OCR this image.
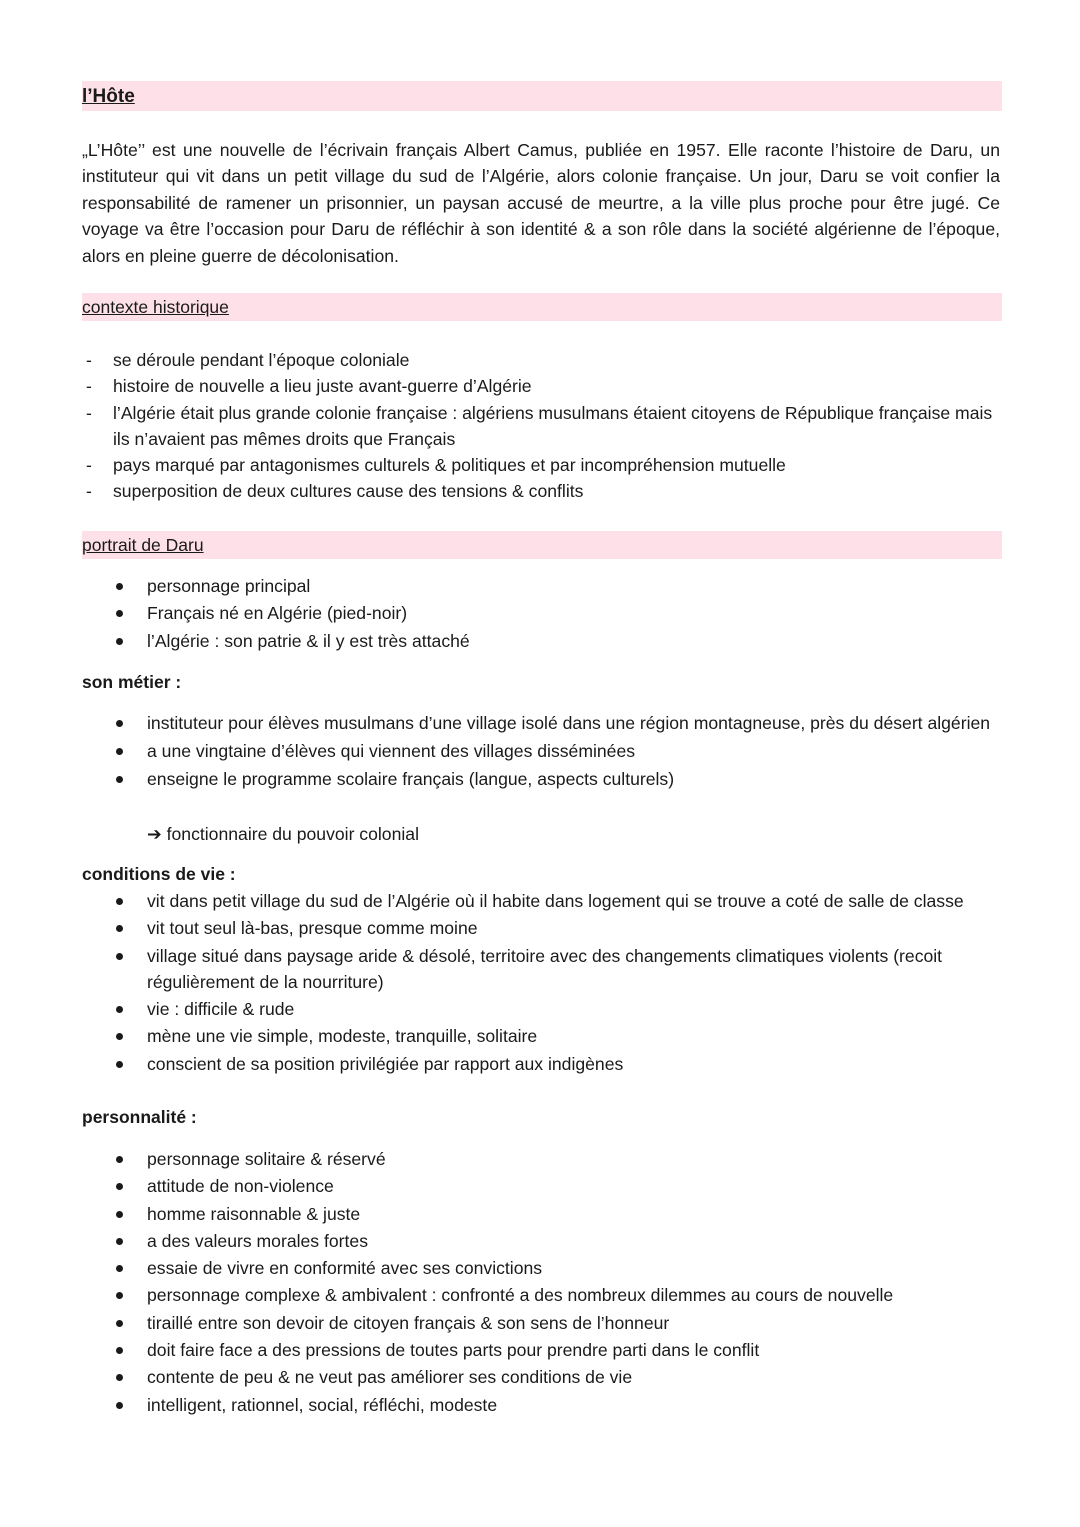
l’Hôte

„L’Hôte’’ est une nouvelle de l’écrivain français Albert Camus, publiée en 1957. Elle raconte l’histoire de Daru, un instituteur qui vit dans un petit village du sud de l’Algérie, alors colonie française. Un jour, Daru se voit confier la responsabilité de ramener un prisonnier, un paysan accusé de meurtre, a la ville plus proche pour être jugé. Ce voyage va être l’occasion pour Daru de réfléchir à son identité & a son rôle dans la société algérienne de l’époque, alors en pleine guerre de décolonisation.

contexte historique
- se déroule pendant l’époque coloniale
- histoire de nouvelle a lieu juste avant-guerre d’Algérie
- l’Algérie était plus grande colonie française : algériens musulmans étaient citoyens de République française mais ils n’avaient pas mêmes droits que Français
- pays marqué par antagonismes culturels & politiques et par incompréhension mutuelle
- superposition de deux cultures cause des tensions & conflits
portrait de Daru
personnage principal
Français né en Algérie (pied-noir)
l’Algérie : son patrie & il y est très attaché
son métier :
instituteur pour élèves musulmans d’une village isolé dans une région montagneuse, près du désert algérien
a une vingtaine d’élèves qui viennent des villages disséminées
enseigne le programme scolaire français (langue, aspects culturels)
➔ fonctionnaire du pouvoir colonial
conditions de vie :
vit dans petit village du sud de l’Algérie où il habite dans logement qui se trouve a coté de salle de classe
vit tout seul là-bas, presque comme moine
village situé dans paysage aride & désolé, territoire avec des changements climatiques violents (recoit régulièrement de la nourriture)
vie : difficile & rude
mène une vie simple, modeste, tranquille, solitaire
conscient de sa position privilégiée par rapport aux indigènes
personnalité :
personnage solitaire & réservé
attitude de non-violence
homme raisonnable & juste
a des valeurs morales fortes
essaie de vivre en conformité avec ses convictions
personnage complexe & ambivalent : confronté a des nombreux dilemmes au cours de nouvelle
tiraillé entre son devoir de citoyen français & son sens de l’honneur
doit faire face a des pressions de toutes parts pour prendre parti dans le conflit
contente de peu & ne veut pas améliorer ses conditions de vie
intelligent, rationnel, social, réfléchi, modeste
